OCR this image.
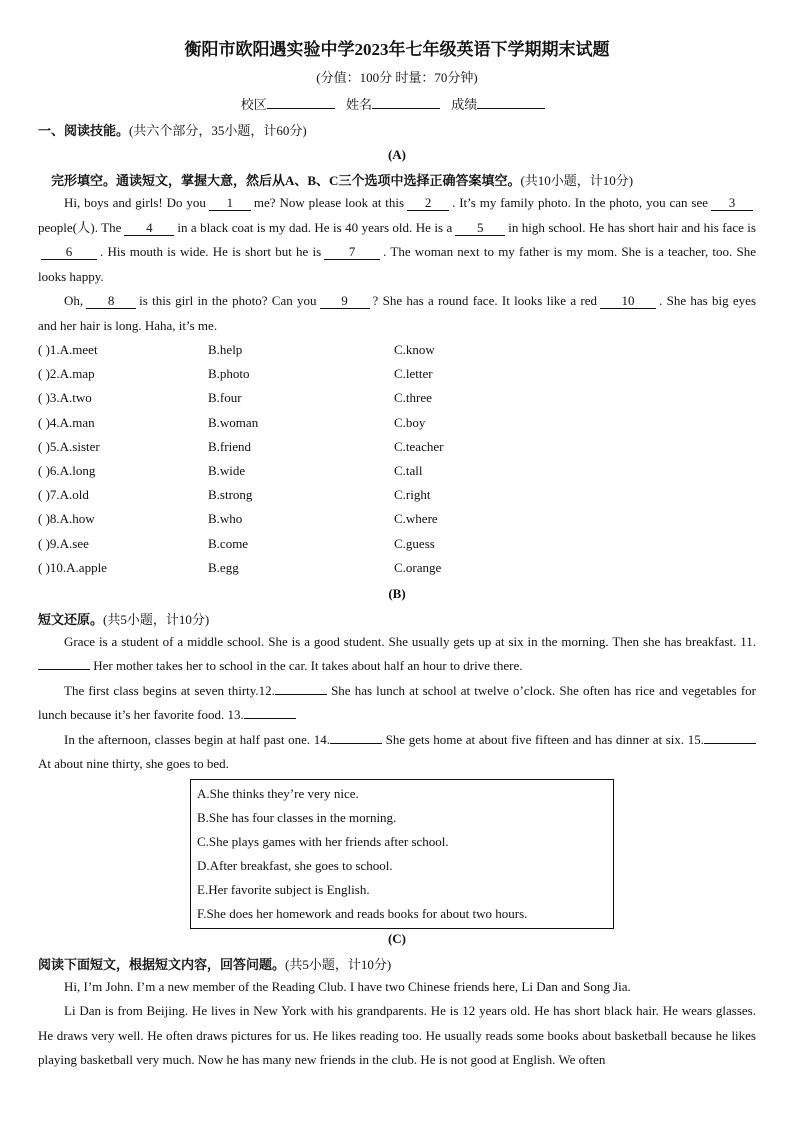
衡阳市欧阳遇实验中学2023年七年级英语下学期期末试题
(分值：100分 时量：70分钟)
校区	姓名	成绩
一、阅读技能。(共六个部分，35小题，计60分)
(A)
完形填空。通读短文，掌握大意，然后从A、B、C三个选项中选择正确答案填空。(共10小题，计10分)

Hi, boys and girls! Do you 1 me? Now please look at this 2 . It’s my family photo. In the photo, you can see 3people(人). The 4 in a black coat is my dad. He is 40 years old. He is a 5 in high school. He has short hair and his face is6 . His mouth is wide. He is short but he is 7 . The woman next to my father is my mom. She is a teacher, too. She looks happy.

Oh, 8 is this girl in the photo? Can you 9 ? She has a round face. It looks like a red 10 . She has big eyes and her hair is long. Haha, it’s me.

( )1.A.meet	B.help	C.know
( )2.A.map	B.photo	C.letter
( )3.A.two	B.four	C.three
( )4.A.man	B.woman	C.boy
( )5.A.sister	B.friend	C.teacher
( )6.A.long	B.wide	C.tall
( )7.A.old	B.strong	C.right
( )8.A.how	B.who	C.where
( )9.A.see	B.come	C.guess
( )10.A.apple	B.egg	C.orange
(B)
短文还原。(共5小题，计10分)

Grace is a student of a middle school. She is a good student. She usually gets up at six in the morning. Then she has breakfast. 11. Her mother takes her to school in the car. It takes about half an hour to drive there.

The first class begins at seven thirty.12.	She has lunch at school at twelve o’clock. She often has rice and vegetables for lunch because it’s her favorite food. 13.

In the afternoon, classes begin at half past one. 14.	She gets home at about five fifteen and has dinner at six. 15. At about nine thirty, she goes to bed.

A.She thinks they’re very nice.
B.She has four classes in the morning.
C.She plays games with her friends after school.
D.After breakfast, she goes to school.
E.Her favorite subject is English.
F.She does her homework and reads books for about two hours.
(C)
阅读下面短文，根据短文内容，回答问题。(共5小题，计10分)

Hi, I’m John. I’m a new member of the Reading Club. I have two Chinese friends here, Li Dan and Song Jia.

Li Dan is from Beijing. He lives in New York with his grandparents. He is 12 years old. He has short black hair. He wears glasses. He draws very well. He often draws pictures for us. He likes reading too. He usually reads some books about basketball because he likes playing basketball very much. Now he has many new friends in the club. He is not good at English. We often
